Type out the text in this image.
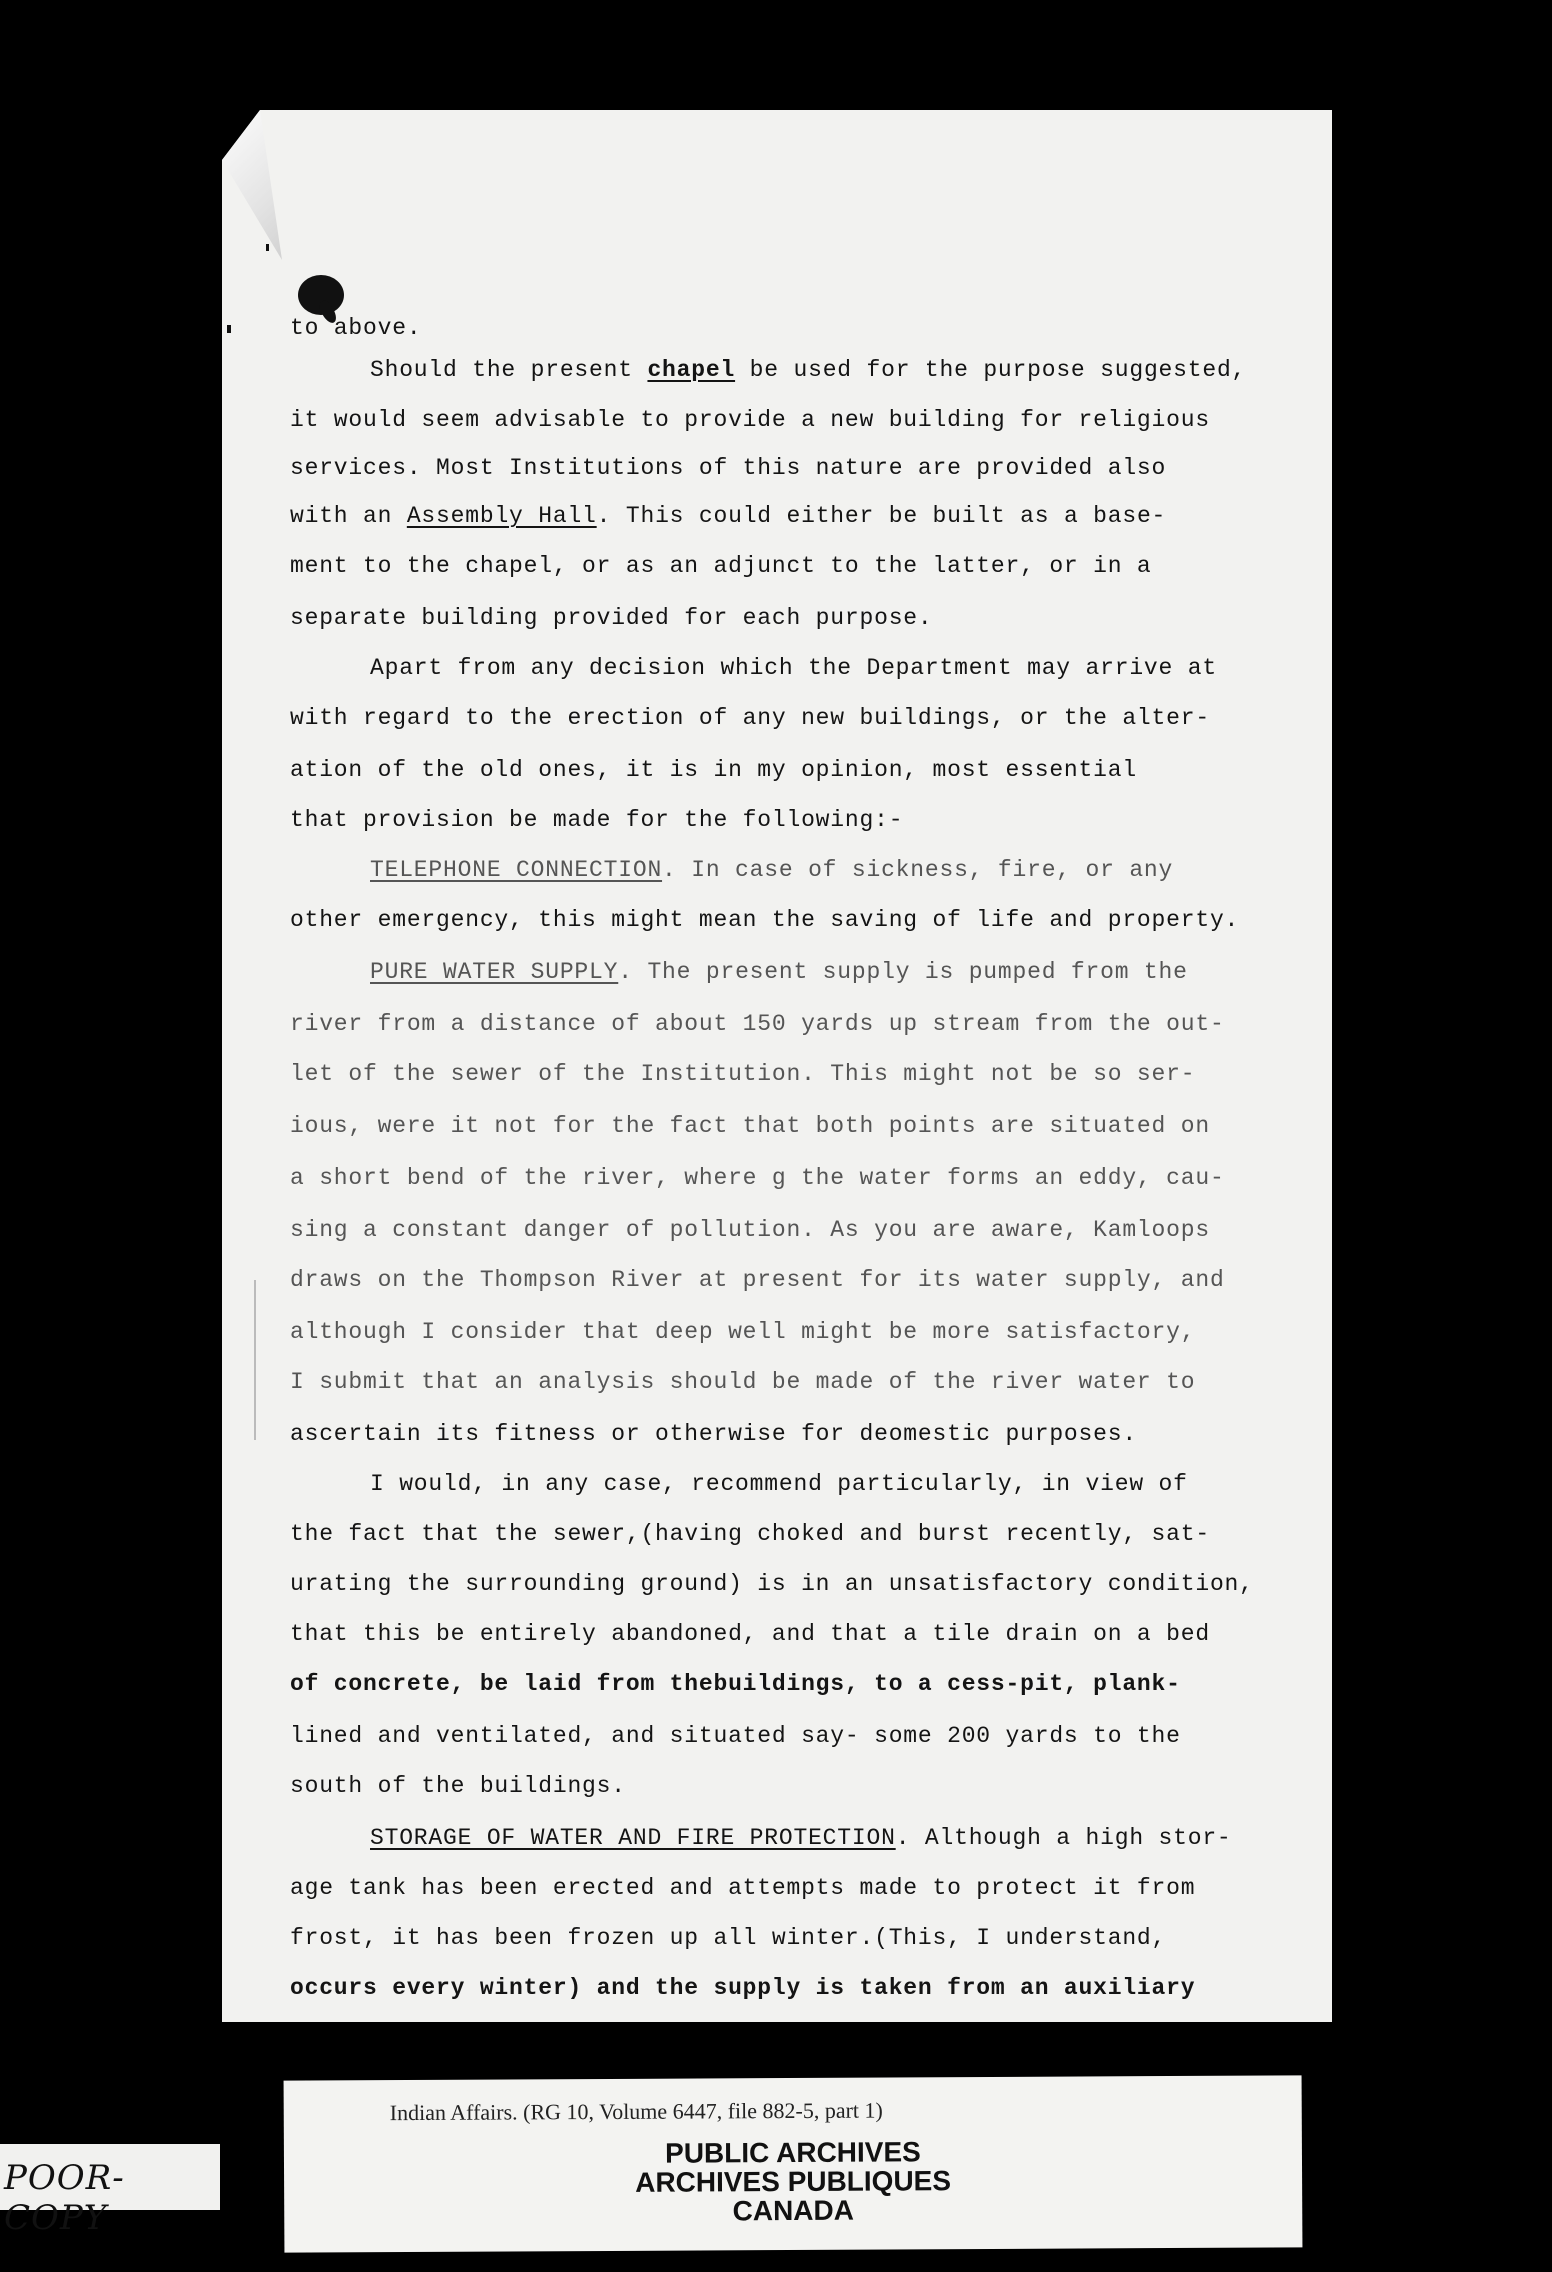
to above.
Should the present chapel be used for the purpose suggested,
it would seem advisable to provide a new building for religious
services. Most Institutions of this nature are provided also
with an Assembly Hall. This could either be built as a base-
ment to the chapel, or as an adjunct to the latter, or in a
separate building provided for each purpose.
Apart from any decision which the Department may arrive at
with regard to the erection of any new buildings, or the alter-
ation of the old ones, it is in my opinion, most essential
that provision be made for the following:-
TELEPHONE CONNECTION. In case of sickness, fire, or any
other emergency, this might mean the saving of life and property.
PURE WATER SUPPLY. The present supply is pumped from the
river from a distance of about 150 yards up stream from the out-
let of the sewer of the Institution. This might not be so ser-
ious, were it not for the fact that both points are situated on
a short bend of the river, where g the water forms an eddy, cau-
sing a constant danger of pollution. As you are aware, Kamloops
draws on the Thompson River at present for its water supply, and
although I consider that deep well might be more satisfactory,
I submit that an analysis should be made of the river water to
ascertain its fitness or otherwise for deomestic purposes.
I would, in any case, recommend particularly, in view of
the fact that the sewer,(having choked and burst recently, sat-
urating the surrounding ground) is in an unsatisfactory condition,
that this be entirely abandoned, and that a tile drain on a bed
of concrete, be laid from thebuildings, to a cess-pit, plank-
lined and ventilated, and situated say- some 200 yards to the
south of the buildings.
STORAGE OF WATER AND FIRE PROTECTION. Although a high stor-
age tank has been erected and attempts made to protect it from
frost, it has been frozen up all winter.(This, I understand,
occurs every winter) and the supply is taken from an auxiliary
Indian Affairs. (RG 10, Volume 6447, file 882-5, part 1)
PUBLIC ARCHIVES
ARCHIVES PUBLIQUES
CANADA
POOR-COPY
